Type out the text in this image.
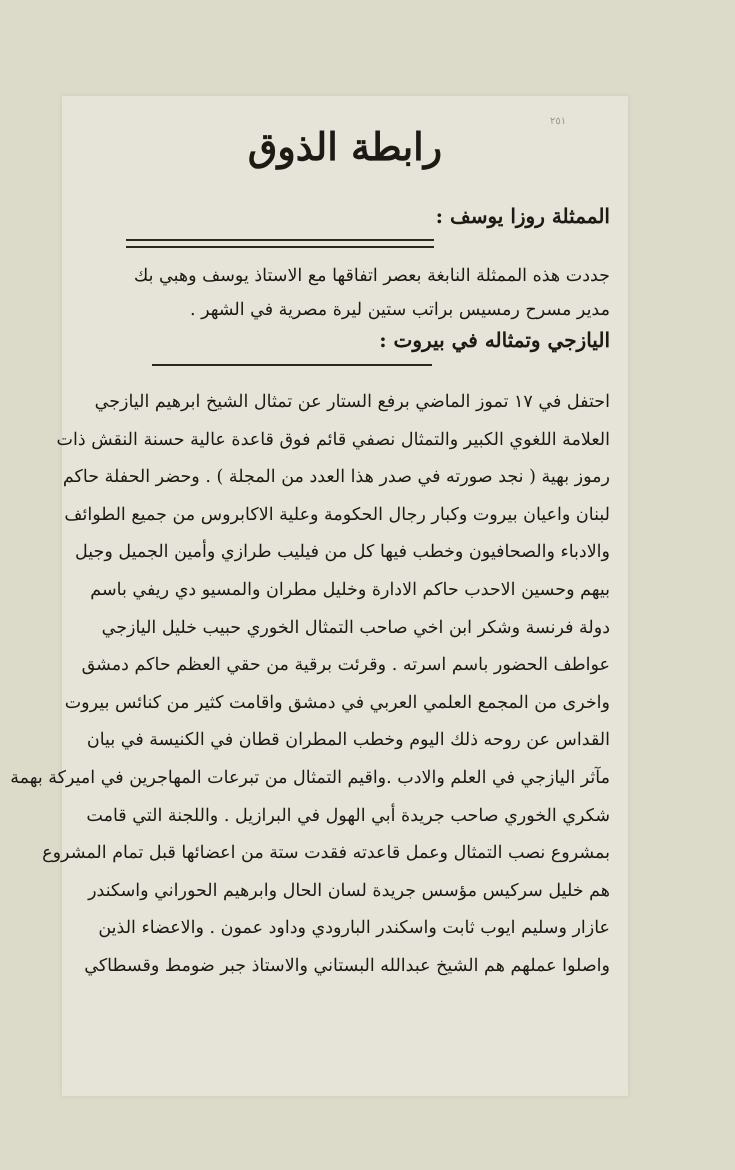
٢٥١
رابطة الذوق
الممثلة روزا يوسف :
جددت هذه الممثلة النابغة بعصر اتفاقها مع الاستاذ يوسف وهبي بك
مدير مسرح رمسيس براتب ستين ليرة مصرية في الشهر .
اليازجي وتمثاله في بيروت :
احتفل في ١٧ تموز الماضي برفع الستار عن تمثال الشيخ ابرهيم اليازجي
العلامة اللغوي الكبير والتمثال نصفي قائم فوق قاعدة عالية حسنة النقش ذات
رموز بهية ( نجد صورته في صدر هذا العدد من المجلة ) . وحضر الحفلة حاكم
لبنان واعيان بيروت وكبار رجال الحكومة وعلية الاكابروس من جميع الطوائف
والادباء والصحافيون وخطب فيها كل من فيليب طرازي وأمين الجميل وجيل
بيهم وحسين الاحدب حاكم الادارة وخليل مطران والمسيو دي ريفي باسم
دولة فرنسة وشكر ابن اخي صاحب التمثال الخوري حبيب خليل اليازجي
عواطف الحضور باسم اسرته . وقرئت برقية من حقي العظم حاكم دمشق
واخرى من المجمع العلمي العربي في دمشق واقامت كثير من كنائس بيروت
القداس عن روحه ذلك اليوم وخطب المطران قطان في الكنيسة في بيان
مآثر اليازجي في العلم والادب .واقيم التمثال من تبرعات المهاجرين في اميركة بهمة
شكري الخوري صاحب جريدة أبي الهول في البرازيل . واللجنة التي قامت
بمشروع نصب التمثال وعمل قاعدته فقدت ستة من اعضائها قبل تمام المشروع
هم خليل سركيس مؤسس جريدة لسان الحال وابرهيم الحوراني واسكندر
عازار وسليم ايوب ثابت واسكندر البارودي وداود عمون . والاعضاء الذين
واصلوا عملهم هم الشيخ عبدالله البستاني والاستاذ جبر ضومط وقسطاكي
